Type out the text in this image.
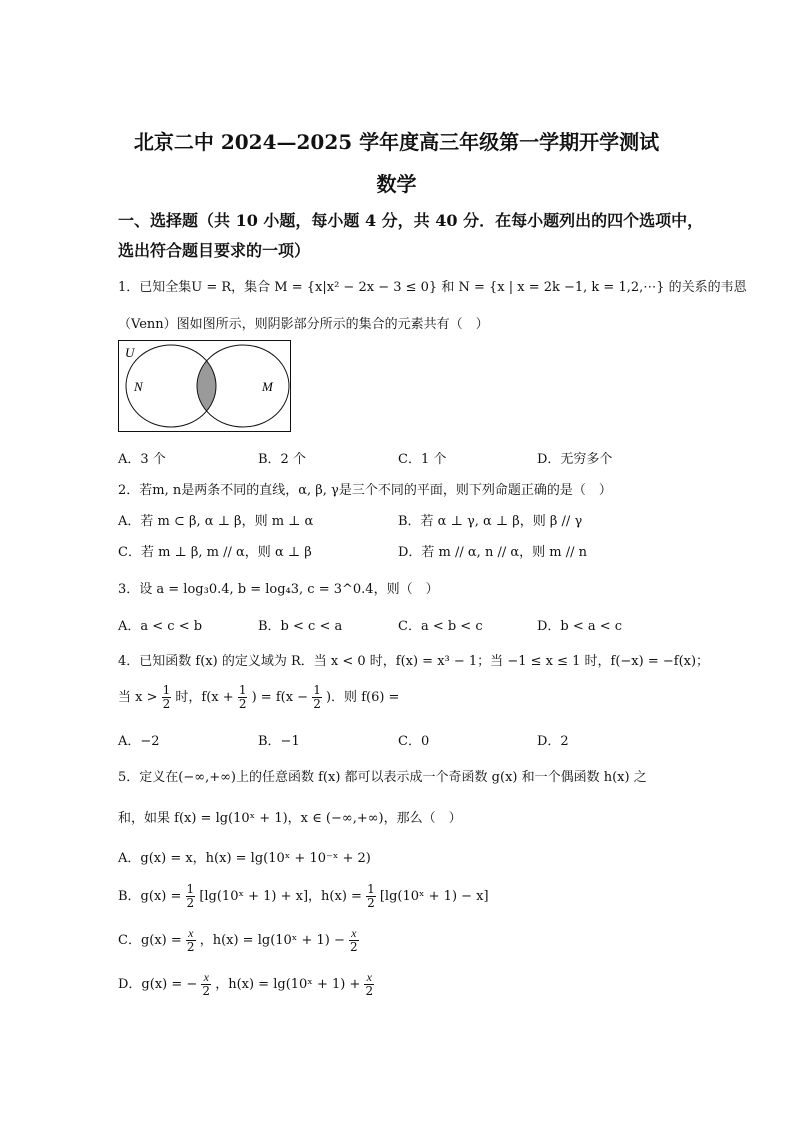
北京二中 2024—2025 学年度高三年级第一学期开学测试
数学
一、选择题（共 10 小题，每小题 4 分，共 40 分．在每小题列出的四个选项中，
选出符合题目要求的一项）
1．已知全集U = R，集合 M = {x|x² − 2x − 3 ≤ 0} 和 N = {x | x = 2k −1, k = 1,2,⋯} 的关系的韦恩
（Venn）图如图所示，则阴影部分所示的集合的元素共有（　）
U
N	M
A．3 个	B．2 个	C．1 个	D．无穷多个
2．若m, n是两条不同的直线，α, β, γ是三个不同的平面，则下列命题正确的是（　）
A．若 m ⊂ β, α ⊥ β，则 m ⊥ α	B．若 α ⊥ γ, α ⊥ β，则 β // γ
C．若 m ⊥ β, m // α，则 α ⊥ β	D．若 m // α, n // α，则 m // n
3．设 a = log₃0.4, b = log₄3, c = 3^0.4，则（　）
A．a < c < b	B．b < c < a	C．a < b < c	D．b < a < c
4．已知函数 f(x) 的定义域为 R．当 x < 0 时，f(x) = x³ − 1；当 −1 ≤ x ≤ 1 时，f(−x) = −f(x)；
当 $x > \frac{1}{2}$ 时，$f(x + \frac{1}{2}$ ) = $f(x - \frac{1}{2}$ )．则 f(6) =
A．−2	B．−1	C．0	D．2
5．定义在(−∞,+∞)上的任意函数 f(x) 都可以表示成一个奇函数 g(x) 和一个偶函数 h(x) 之
和，如果 f(x) = lg(10ˣ + 1)，x ∈ (−∞,+∞)，那么（　）
A．g(x) = x，h(x) = lg(10ˣ + 10⁻ˣ + 2)
B．$g(x) = \frac{1}{2}$ [lg(10ˣ + 1) + x]，$h(x) = \frac{1}{2}$ [lg(10ˣ + 1) − x]
C．$g(x) = \frac{x}{2}$ ，h(x) = lg(10ˣ + $1) - \frac{x}{2}$
D．g(x) = − $\frac{x}{2}$ ，h(x) = lg(10ˣ + $1) + \frac{x}{2}$
